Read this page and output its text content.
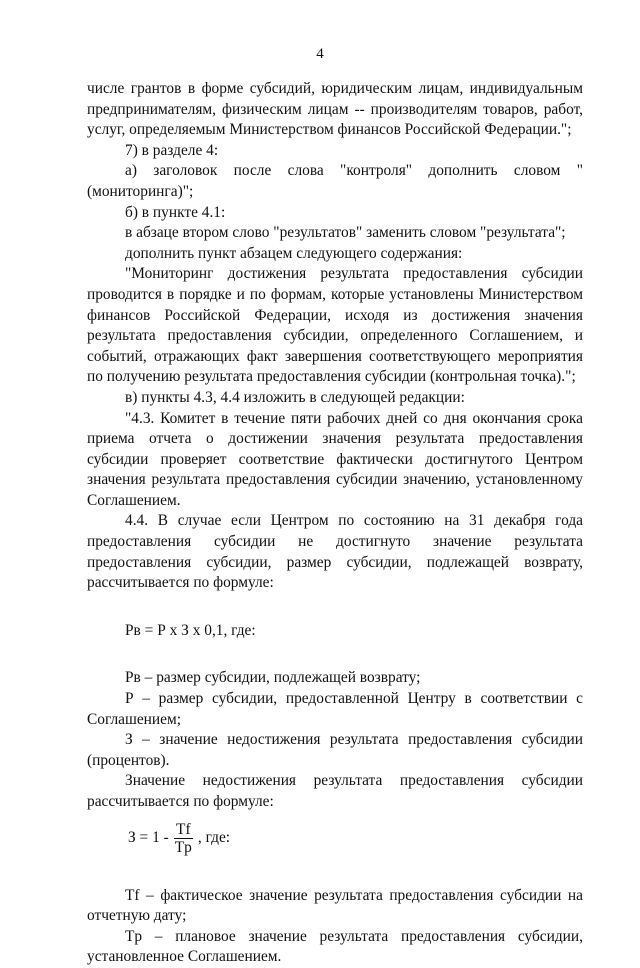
4

числе грантов в форме субсидий, юридическим лицам, индивидуальным предпринимателям, физическим лицам -- производителям товаров, работ, услуг, определяемым Министерством финансов Российской Федерации.";

7) в разделе 4:

а) заголовок после слова "контроля" дополнить словом "(мониторинга)";

б) в пункте 4.1:

в абзаце втором слово "результатов" заменить словом "результата";

дополнить пункт абзацем следующего содержания:

"Мониторинг достижения результата предоставления субсидии проводится в порядке и по формам, которые установлены Министерством финансов Российской Федерации, исходя из достижения значения результата предоставления субсидии, определенного Соглашением, и событий, отражающих факт завершения соответствующего мероприятия по получению результата предоставления субсидии (контрольная точка).";

в) пункты 4.3, 4.4 изложить в следующей редакции:

"4.3. Комитет в течение пяти рабочих дней со дня окончания срока приема отчета о достижении значения результата предоставления субсидии проверяет соответствие фактически достигнутого Центром значения результата предоставления субсидии значению, установленному Соглашением.

4.4. В случае если Центром по состоянию на 31 декабря года предоставления субсидии не достигнуто значение результата предоставления субсидии, размер субсидии, подлежащей возврату, рассчитывается по формуле:

Рв = Р х З х 0,1, где:

Рв – размер субсидии, подлежащей возврату;

Р – размер субсидии, предоставленной Центру в соответствии с Соглашением;

З – значение недостижения результата предоставления субсидии (процентов).

Значение недостижения результата предоставления субсидии рассчитывается по формуле:

$З = 1 - \frac{Tf}{Tp}$ , где:

Tf – фактическое значение результата предоставления субсидии на отчетную дату;

Tp – плановое значение результата предоставления субсидии, установленное Соглашением.
